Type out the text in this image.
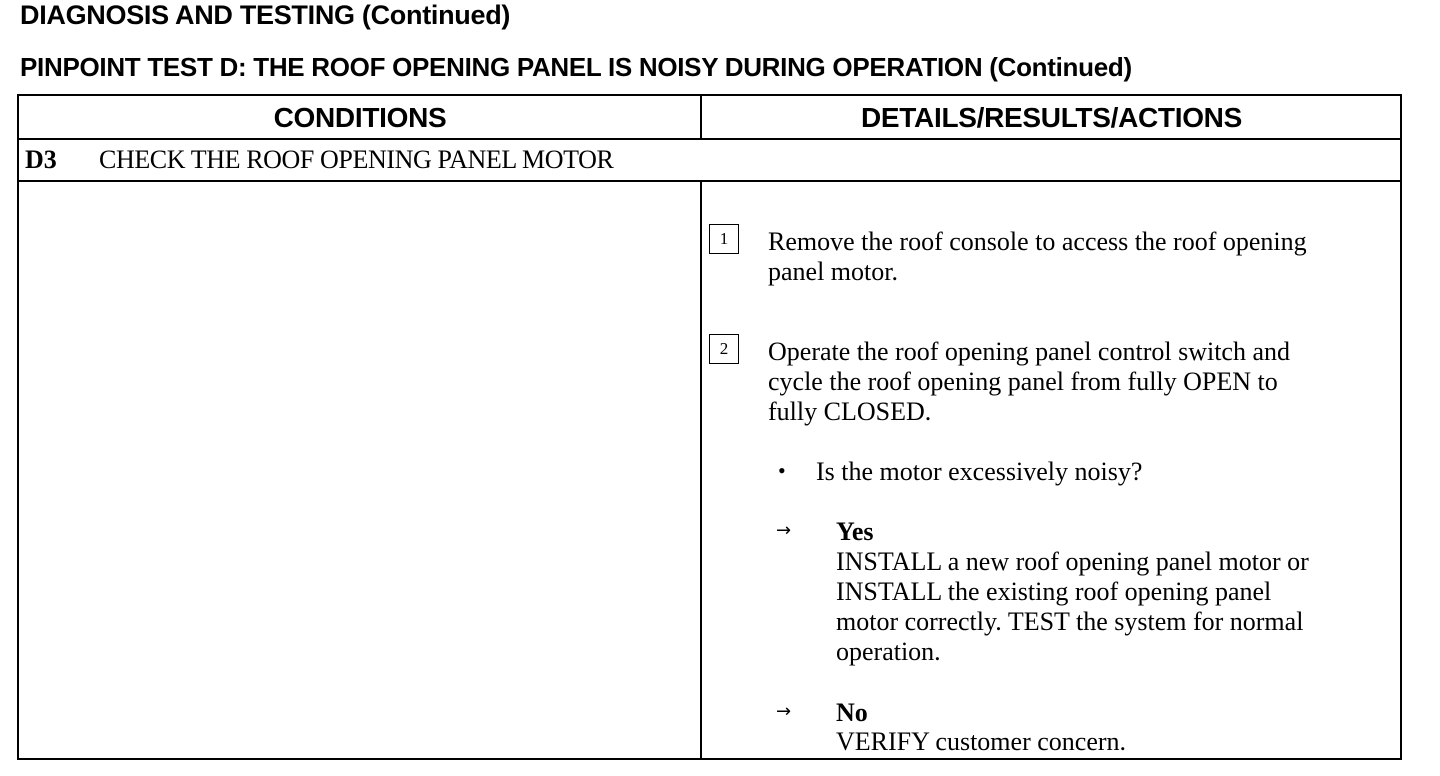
DIAGNOSIS AND TESTING (Continued)
PINPOINT TEST D: THE ROOF OPENING PANEL IS NOISY DURING OPERATION (Continued)
CONDITIONS	DETAILS/RESULTS/ACTIONS
D3 CHECK THE ROOF OPENING PANEL MOTOR
1	Remove the roof console to access the roof opening
panel motor.
2	Operate the roof opening panel control switch and
cycle the roof opening panel from fully OPEN to
fully CLOSED.
• Is the motor excessively noisy?
→ Yes
INSTALL a new roof opening panel motor or
INSTALL the existing roof opening panel
motor correctly. TEST the system for normal
operation.
→ No
VERIFY customer concern.
